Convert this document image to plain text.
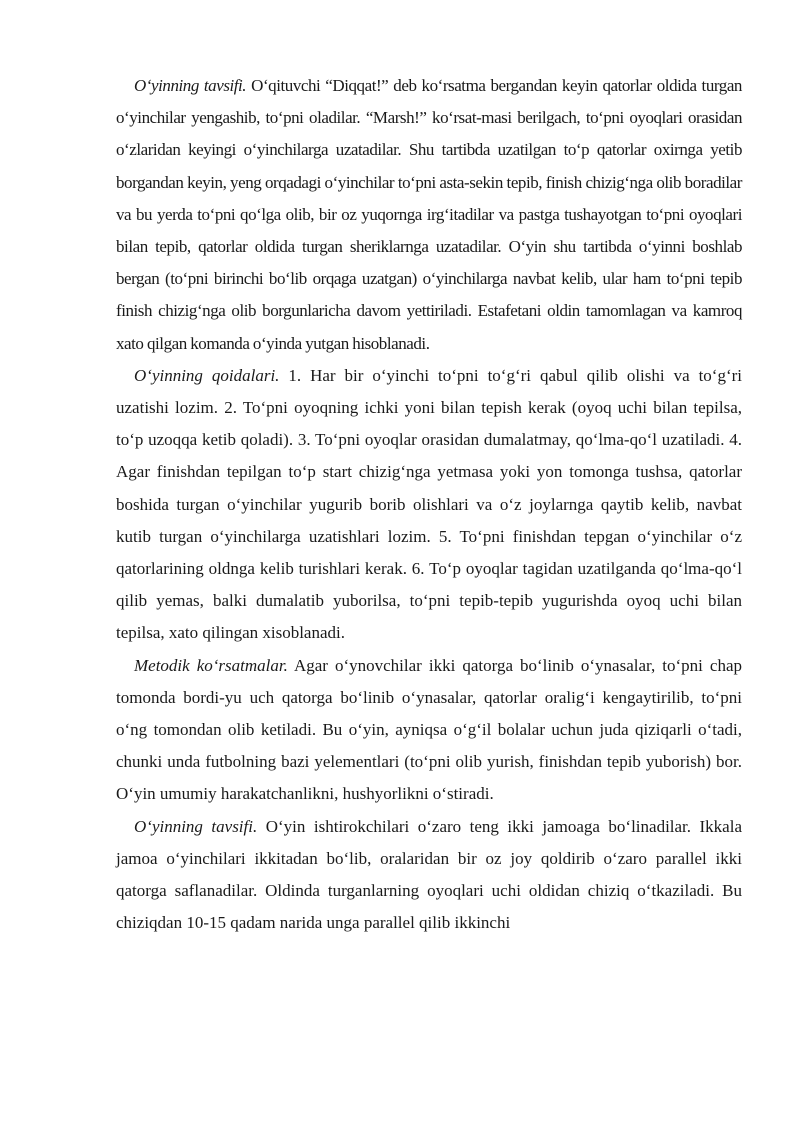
O‘yinning tavsifi. O‘qituvchi “Diqqat!” deb ko‘rsatma bergandan keyin qatorlar oldida turgan o‘yinchilar yengashib, to‘pni oladilar. “Marsh!” ko‘rsat-masi berilgach, to‘pni oyoqlari orasidan o‘zlaridan keyingi o‘yinchilarga uzatadilar. Shu tartibda uzatilgan to‘p qatorlar oxirnga yetib borgandan keyin, yeng orqadagi o‘yinchilar to‘pni asta-sekin tepib, finish chizig‘nga olib boradilar va bu yerda to‘pni qo‘lga olib, bir oz yuqornga irg‘itadilar va pastga tushayotgan to‘pni oyoqlari bilan tepib, qatorlar oldida turgan sheriklarnga uzatadilar. O‘yin shu tartibda o‘yinni boshlab bergan (to‘pni birinchi bo‘lib orqaga uzatgan) o‘yinchilarga navbat kelib, ular ham to‘pni tepib finish chizig‘nga olib borgunlaricha davom yettiriladi. Estafetani oldin tamomlagan va kamroq xato qilgan komanda o‘yinda yutgan hisoblanadi.

O‘yinning qoidalari. 1. Har bir o‘yinchi to‘pni to‘g‘ri qabul qilib olishi va to‘g‘ri uzatishi lozim. 2. To‘pni oyoqning ichki yoni bilan tepish kerak (oyoq uchi bilan tepilsa, to‘p uzoqqa ketib qoladi). 3. To‘pni oyoqlar orasidan dumalatmay, qo‘lma-qo‘l uzatiladi. 4. Agar finishdan tepilgan to‘p start chizig‘nga yetmasa yoki yon tomonga tushsa, qatorlar boshida turgan o‘yinchilar yugurib borib olishlari va o‘z joylarnga qaytib kelib, navbat kutib turgan o‘yinchilarga uzatishlari lozim. 5. To‘pni finishdan tepgan o‘yinchilar o‘z qatorlarining oldnga kelib turishlari kerak. 6. To‘p oyoqlar tagidan uzatilganda qo‘lma-qo‘l qilib yemas, balki dumalatib yuborilsa, to‘pni tepib-tepib yugurishda oyoq uchi bilan tepilsa, xato qilingan xisoblanadi.

Metodik ko‘rsatmalar. Agar o‘ynovchilar ikki qatorga bo‘linib o‘ynasalar, to‘pni chap tomonda bordi-yu uch qatorga bo‘linib o‘ynasalar, qatorlar oralig‘i kengaytirilib, to‘pni o‘ng tomondan olib ketiladi. Bu o‘yin, ayniqsa o‘g‘il bolalar uchun juda qiziqarli o‘tadi, chunki unda futbolning bazi yelementlari (to‘pni olib yurish, finishdan tepib yuborish) bor. O‘yin umumiy harakatchanlikni, hushyorlikni o‘stiradi.

O‘yinning tavsifi. O‘yin ishtirokchilari o‘zaro teng ikki jamoaga bo‘linadilar. Ikkala jamoa o‘yinchilari ikkitadan bo‘lib, oralaridan bir oz joy qoldirib o‘zaro parallel ikki qatorga saflanadilar. Oldinda turganlarning oyoqlari uchi oldidan chiziq o‘tkaziladi. Bu chiziqdan 10-15 qadam narida unga parallel qilib ikkinchi
